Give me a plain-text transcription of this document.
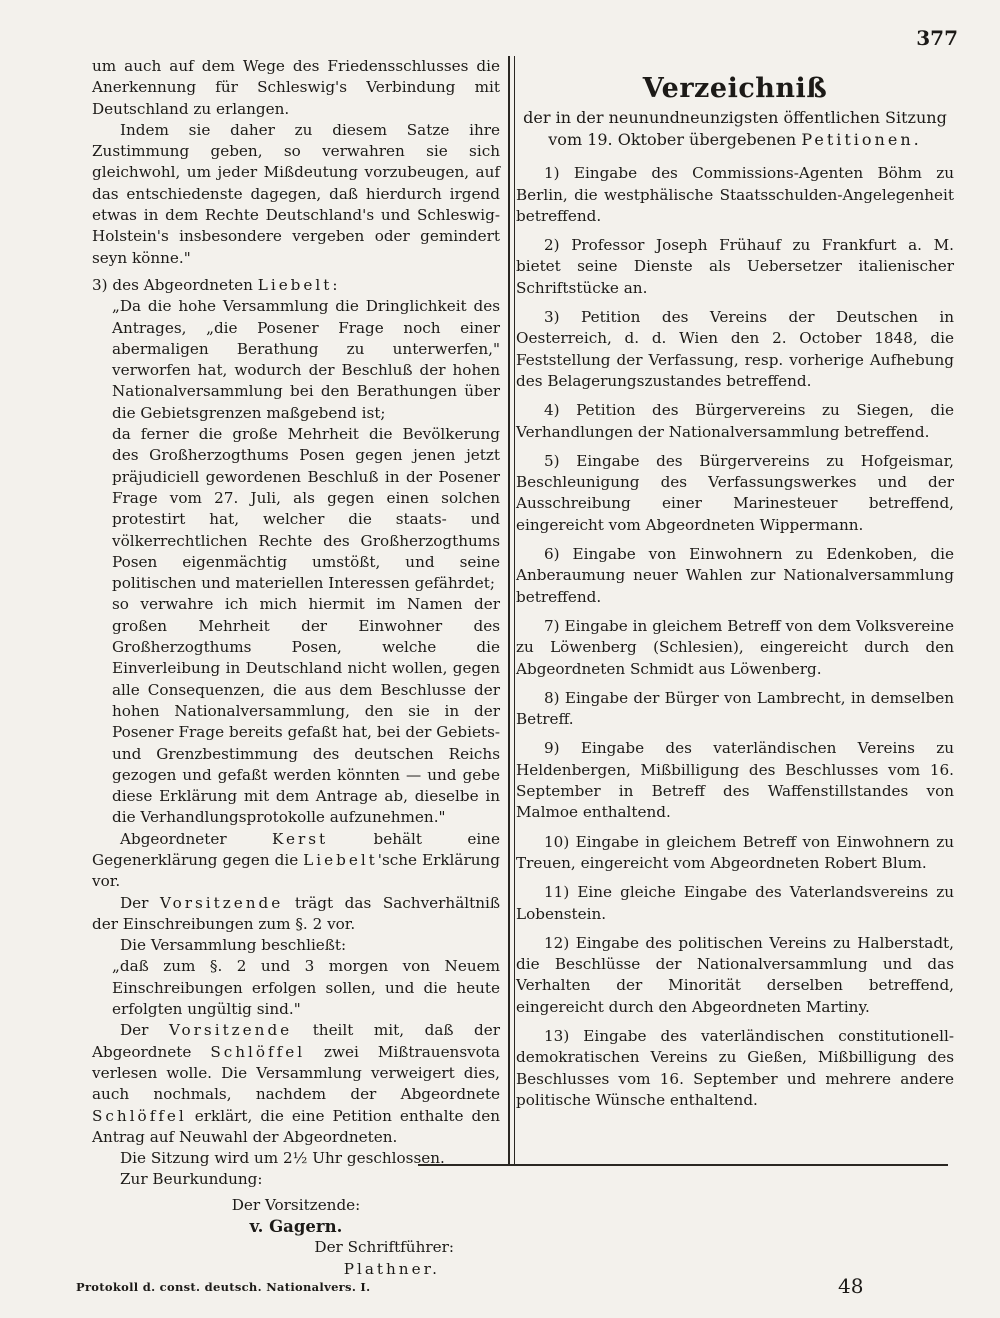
377

um auch auf dem Wege des Friedensschlusses die Anerkennung für Schleswig's Verbindung mit Deutschland zu erlangen.

Indem sie daher zu diesem Satze ihre Zustimmung geben, so verwahren sie sich gleichwohl, um jeder Mißdeutung vorzubeugen, auf das entschiedenste dagegen, daß hierdurch irgend etwas in dem Rechte Deutschland's und Schleswig-Holstein's insbesondere vergeben oder gemindert seyn könne."

3) des Abgeordneten Liebelt:

„Da die hohe Versammlung die Dringlichkeit des Antrages, „die Posener Frage noch einer abermaligen Berathung zu unterwerfen," verworfen hat, wodurch der Beschluß der hohen Nationalversammlung bei den Berathungen über die Gebietsgrenzen maßgebend ist;

da ferner die große Mehrheit die Bevölkerung des Großherzogthums Posen gegen jenen jetzt präjudiciell gewordenen Beschluß in der Posener Frage vom 27. Juli, als gegen einen solchen protestirt hat, welcher die staats- und völkerrechtlichen Rechte des Großherzogthums Posen eigenmächtig umstößt, und seine politischen und materiellen Interessen gefährdet;

so verwahre ich mich hiermit im Namen der großen Mehrheit der Einwohner des Großherzogthums Posen, welche die Einverleibung in Deutschland nicht wollen, gegen alle Consequenzen, die aus dem Beschlusse der hohen Nationalversammlung, den sie in der Posener Frage bereits gefaßt hat, bei der Gebiets- und Grenzbestimmung des deutschen Reichs gezogen und gefaßt werden könnten — und gebe diese Erklärung mit dem Antrage ab, dieselbe in die Verhandlungsprotokolle aufzunehmen."

Abgeordneter	Kerst	behält eine Gegenerklärung gegen die Liebelt'sche Erklärung vor.

Der Vorsitzende trägt das Sachverhältniß der Einschreibungen zum §. 2 vor.

Die Versammlung beschließt:

„daß zum §. 2 und 3 morgen von Neuem Einschreibungen erfolgen sollen, und die heute erfolgten ungültig sind."

Der Vorsitzende theilt mit, daß der Abgeordnete Schlöffel zwei Mißtrauensvota verlesen wolle. Die Versammlung verweigert dies, auch nochmals, nachdem der Abgeordnete Schlöffel erklärt, die eine Petition enthalte den Antrag auf Neuwahl der Abgeordneten.

Die Sitzung wird um 2½ Uhr geschlossen.

Zur Beurkundung:

Der Vorsitzende:

v. Gagern.

Der Schriftführer:

Plathner.

Verzeichniß
der in der neunundneunzigsten öffentlichen Sitzung
vom 19. Oktober übergebenen Petitionen.

1) Eingabe des Commissions-Agenten Böhm zu Berlin, die westphälische Staatsschulden-Angelegenheit betreffend.

2) Professor Joseph Frühauf zu Frankfurt a. M. bietet seine Dienste als Uebersetzer italienischer Schriftstücke an.

3) Petition des Vereins der Deutschen in Oesterreich, d. d. Wien den 2. October 1848, die Feststellung der Verfassung, resp. vorherige Aufhebung des Belagerungszustandes betreffend.

4) Petition des Bürgervereins zu Siegen, die Verhandlungen der Nationalversammlung betreffend.

5) Eingabe des Bürgervereins zu Hofgeismar, Beschleunigung des Verfassungswerkes und der Ausschreibung einer Marinesteuer betreffend, eingereicht vom Abgeordneten Wippermann.

6) Eingabe von Einwohnern zu Edenkoben, die Anberaumung neuer Wahlen zur Nationalversammlung betreffend.

7) Eingabe in gleichem Betreff von dem Volksvereine zu Löwenberg (Schlesien), eingereicht durch den Abgeordneten Schmidt aus Löwenberg.

8) Eingabe der Bürger von Lambrecht, in demselben Betreff.

9) Eingabe des vaterländischen Vereins zu Heldenbergen, Mißbilligung des Beschlusses vom 16. September in Betreff des Waffenstillstandes von Malmoe enthaltend.

10) Eingabe in gleichem Betreff von Einwohnern zu Treuen, eingereicht vom Abgeordneten Robert Blum.

11) Eine gleiche Eingabe des Vaterlandsvereins zu Lobenstein.

12) Eingabe des politischen Vereins zu Halberstadt, die Beschlüsse der Nationalversammlung und das Verhalten der Minorität derselben betreffend, eingereicht durch den Abgeordneten Martiny.

13) Eingabe des vaterländischen constitutionell-demokratischen Vereins zu Gießen, Mißbilligung des Beschlusses vom 16. September und mehrere andere politische Wünsche enthaltend.

Protokoll d. const. deutsch. Nationalvers. I.	48
